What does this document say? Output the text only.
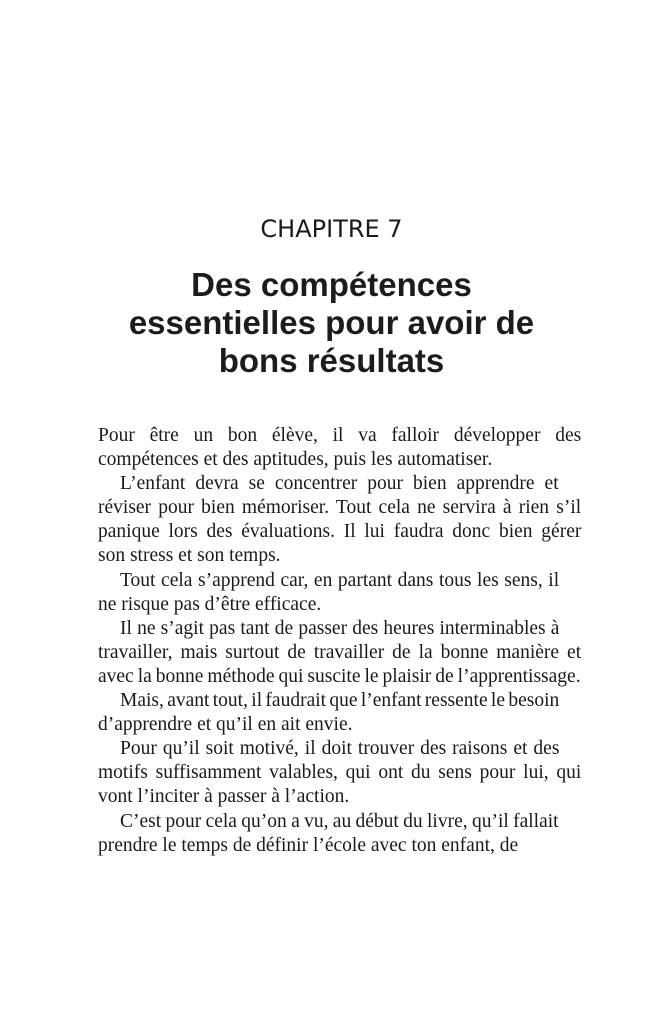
CHAPITRE 7
Des compétences
essentielles pour avoir de
bons résultats
Pour être un bon élève, il va falloir développer des
compétences et des aptitudes, puis les automatiser.
L’enfant devra se concentrer pour bien apprendre et
réviser pour bien mémoriser. Tout cela ne servira à rien s’il
panique lors des évaluations. Il lui faudra donc bien gérer
son stress et son temps.
Tout cela s’apprend car, en partant dans tous les sens, il
ne risque pas d’être efficace.
Il ne s’agit pas tant de passer des heures interminables à
travailler, mais surtout de travailler de la bonne manière et
avec la bonne méthode qui suscite le plaisir de l’apprentissage.
Mais, avant tout, il faudrait que l’enfant ressente le besoin
d’apprendre et qu’il en ait envie.
Pour qu’il soit motivé, il doit trouver des raisons et des
motifs suffisamment valables, qui ont du sens pour lui, qui
vont l’inciter à passer à l’action.
C’est pour cela qu’on a vu, au début du livre, qu’il fallait
prendre le temps de définir l’école avec ton enfant, de
